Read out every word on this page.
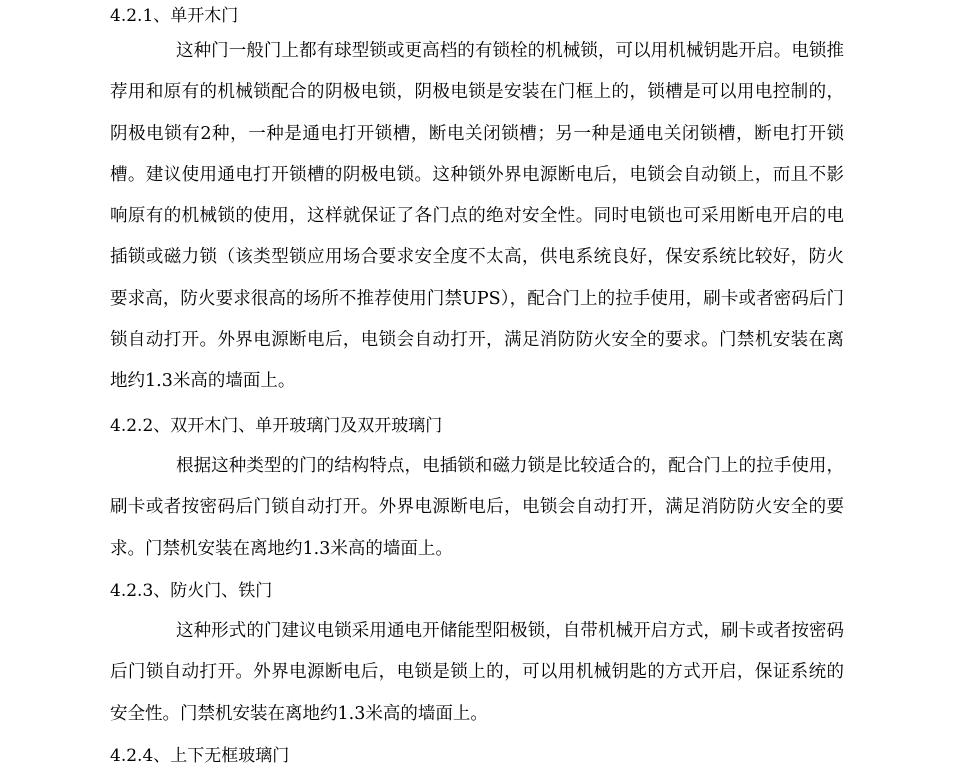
4.2.1、单开木门

这种门一般门上都有球型锁或更高档的有锁栓的机械锁，可以用机械钥匙开启。电锁推荐用和原有的机械锁配合的阴极电锁，阴极电锁是安装在门框上的，锁槽是可以用电控制的，阴极电锁有2种，一种是通电打开锁槽，断电关闭锁槽；另一种是通电关闭锁槽，断电打开锁槽。建议使用通电打开锁槽的阴极电锁。这种锁外界电源断电后，电锁会自动锁上，而且不影响原有的机械锁的使用，这样就保证了各门点的绝对安全性。同时电锁也可采用断电开启的电插锁或磁力锁（该类型锁应用场合要求安全度不太高，供电系统良好，保安系统比较好，防火要求高，防火要求很高的场所不推荐使用门禁UPS），配合门上的拉手使用，刷卡或者密码后门锁自动打开。外界电源断电后，电锁会自动打开，满足消防防火安全的要求。门禁机安装在离地约1.3米高的墙面上。

4.2.2、双开木门、单开玻璃门及双开玻璃门

根据这种类型的门的结构特点，电插锁和磁力锁是比较适合的，配合门上的拉手使用，刷卡或者按密码后门锁自动打开。外界电源断电后，电锁会自动打开，满足消防防火安全的要求。门禁机安装在离地约1.3米高的墙面上。

4.2.3、防火门、铁门

这种形式的门建议电锁采用通电开储能型阳极锁，自带机械开启方式，刷卡或者按密码后门锁自动打开。外界电源断电后，电锁是锁上的，可以用机械钥匙的方式开启，保证系统的安全性。门禁机安装在离地约1.3米高的墙面上。

4.2.4、上下无框玻璃门
